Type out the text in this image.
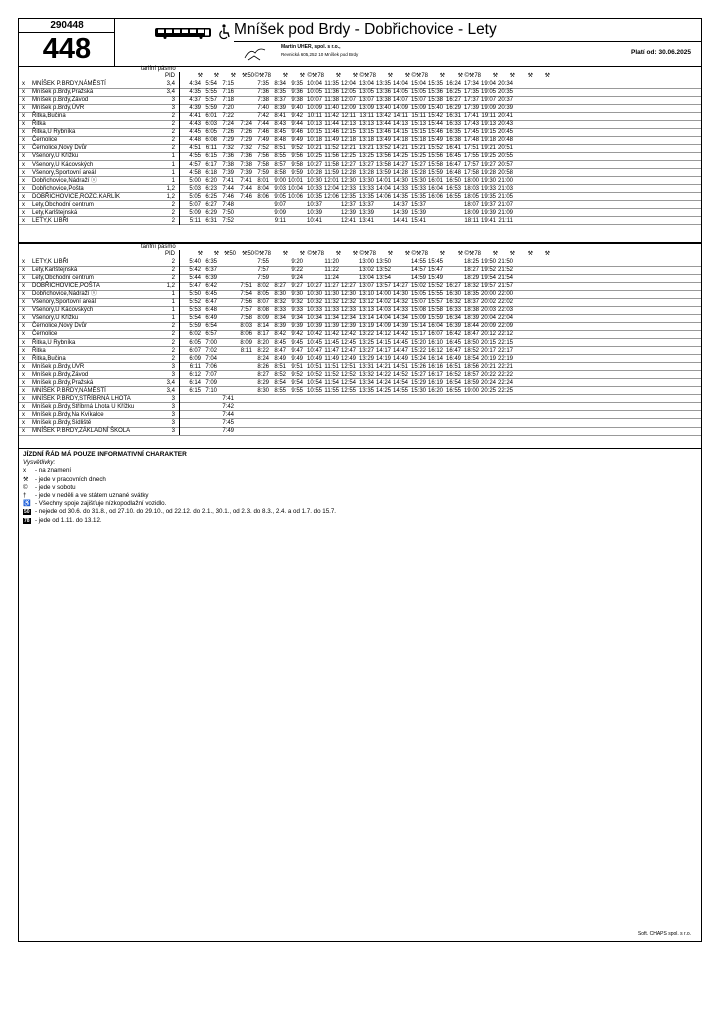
290448
448
Mníšek pod Brdy - Dobřichovice - Lety
Martin UHER, spol. s r.o.,
Revnická 605,252 10 Mníšek pod Brdy	Platí od: 30.06.2025
tarifní pásmo
PID	⚒	⚒	⚒ ⚒50 ©⚒78	⚒	⚒ ©⚒78	⚒	⚒ ©⚒78	⚒	⚒ ©⚒78	⚒	⚒ ©⚒78	⚒	⚒	⚒	⚒
x MNÍŠEK P.BRDY,NÁMĚSTÍ	3,4	4:34 5:54 7:15	7:35 8:34 9:35 10:04 11:35 12:04 13:04 13:35 14:04 15:04 15:35 16:24 17:34 19:04 20:34
x Mníšek p.Brdy,Pražská	3,4	4:35 5:55 7:16	7:36 8:35 9:36 10:05 11:36 12:05 13:05 13:36 14:05 15:05 15:36 16:25 17:35 19:05 20:35
x Mníšek p.Brdy,Závod	3	4:37 5:57 7:18	7:38 8:37 9:38 10:07 11:38 12:07 13:07 13:38 14:07 15:07 15:38 16:27 17:37 19:07 20:37
x Mníšek p.Brdy,ÚVR	3	4:39 5:59 7:20	7:40 8:39 9:40 10:09 11:40 12:09 13:09 13:40 14:09 15:09 15:40 16:29 17:39 19:09 20:39
x Řitka,Bučina	2	4:41 6:01 7:22	7:42 8:41 9:42 10:11 11:42 12:11 13:11 13:42 14:11 15:11 15:42 16:31 17:41 19:11 20:41
x Řitka	2	4:43 6:03 7:24	7:24 7:44 8:43 9:44 10:13 11:44 12:13 13:13 13:44 14:13 15:13 15:44 16:33 17:43 19:13 20:43
x Řitka,U Rybníka	2	4:45 6:05 7:26	7:26 7:46 8:45 9:46 10:15 11:46 12:15 13:15 13:46 14:15 15:15 15:46 16:35 17:45 19:15 20:45
x Černolice	2	4:48 6:08 7:29	7:29 7:49 8:48 9:49 10:18 11:49 12:18 13:18 13:49 14:18 15:18 15:49 16:38 17:48 19:18 20:48
x Černolice,Nový Dvůr	2	4:51 6:11 7:32	7:32 7:52 8:51 9:52 10:21 11:52 12:21 13:21 13:52 14:21 15:21 15:52 16:41 17:51 19:21 20:51
x Všenory,U Křížku	1	4:55 6:15 7:36	7:36 7:56 8:55 9:56 10:25 11:56 12:25 13:25 13:56 14:25 15:25 15:56 16:45 17:55 19:25 20:55
x Všenory,U Kácovských	1	4:57 6:17 7:38	7:38 7:58 8:57 9:58 10:27 11:58 12:27 13:27 13:58 14:27 15:27 15:58 16:47 17:57 19:27 20:57
x Všenory,Sportovní areál	1	4:58 6:18 7:39	7:39 7:59 8:58 9:59 10:28 11:59 12:28 13:28 13:59 14:28 15:28 15:59 16:48 17:58 19:28 20:58
x Dobřichovice,Nádraží ⓢ	1	5:00 6:20 7:41	7:41 8:01 9:00 10:01 10:30 12:01 12:30 13:30 14:01 14:30 15:30 16:01 16:50 18:00 19:30 21:00
x Dobřichovice,Pošta	1,2	5:03 6:23 7:44	7:44 8:04 9:03 10:04 10:33 12:04 12:33 13:33 14:04 14:33 15:33 16:04 16:53 18:03 19:33 21:03
x DOBŘICHOVICE,ROZC.KARLÍK	1,2	5:05 6:25 7:46	7:46 8:06 9:05 10:06 10:35 12:06 12:35 13:35 14:06 14:35 15:35 16:06 16:55 18:05 19:35 21:05
x Lety,Obchodní centrum	2	5:07 6:27 7:48	9:07	10:37	12:37 13:37	14:37 15:37	18:07 19:37 21:07
x Lety,Karlštejnská	2	5:09 6:29 7:50	9:09	10:39	12:39 13:39	14:39 15:39	18:09 19:39 21:09
x LETY,K LIBŘI	2	5:11 6:31 7:52	9:11	10:41	12:41 13:41	14:41 15:41	18:11 19:41 21:11
tarifní pásmo
PID	⚒	⚒ ⚒50 ⚒50 ©⚒78	⚒	⚒ ©⚒78	⚒	⚒ ©⚒78	⚒	⚒ ©⚒78	⚒	⚒ ©⚒78	⚒	⚒	⚒	⚒
x LETY,K LIBŘI	2	5:40 6:35	7:55	9:20	11:20	13:00 13:50	14:55 15:45	18:25 19:50 21:50
x Lety,Karlštejnská	2	5:42 6:37	7:57	9:22	11:22	13:02 13:52	14:57 15:47	18:27 19:52 21:52
x Lety,Obchodní centrum	2	5:44 6:39	7:59	9:24	11:24	13:04 13:54	14:59 15:49	18:29 19:54 21:54
x DOBŘICHOVICE,POŠTA	1,2	5:47 6:42	7:51 8:02 8:27 9:27 10:27 11:27 12:27 13:07 13:57 14:27 15:02 15:52 16:27 18:32 19:57 21:57
x Dobřichovice,Nádraží ⓢ	1	5:50 6:45	7:54 8:05 8:30 9:30 10:30 11:30 12:30 13:10 14:00 14:30 15:05 15:55 16:30 18:35 20:00 22:00
x Všenory,Sportovní areál	1	5:52 6:47	7:56 8:07 8:32 9:32 10:32 11:32 12:32 13:12 14:02 14:32 15:07 15:57 16:32 18:37 20:02 22:02
x Všenory,U Kácovských	1	5:53 6:48	7:57 8:08 8:33 9:33 10:33 11:33 12:33 13:13 14:03 14:33 15:08 15:58 16:33 18:38 20:03 22:03
x Všenory,U Křížku	1	5:54 6:49	7:58 8:09 8:34 9:34 10:34 11:34 12:34 13:14 14:04 14:34 15:09 15:59 16:34 18:39 20:04 22:04
x Černolice,Nový Dvůr	2	5:59 6:54	8:03 8:14 8:39 9:39 10:39 11:39 12:39 13:19 14:09 14:39 15:14 16:04 16:39 18:44 20:09 22:09
x Černolice	2	6:02 6:57	8:06 8:17 8:42 9:42 10:42 11:42 12:42 13:22 14:12 14:42 15:17 16:07 16:42 18:47 20:12 22:12
x Řitka,U Rybníka	2	6:05 7:00	8:09 8:20 8:45 9:45 10:45 11:45 12:45 13:25 14:15 14:45 15:20 16:10 16:45 18:50 20:15 22:15
x Řitka	2	6:07 7:02	8:11 8:22 8:47 9:47 10:47 11:47 12:47 13:27 14:17 14:47 15:22 16:12 16:47 18:52 20:17 22:17
x Řitka,Bučina	2	6:09 7:04	8:24 8:49 9:49 10:49 11:49 12:49 13:29 14:19 14:49 15:24 16:14 16:49 18:54 20:19 22:19
x Mníšek p.Brdy,ÚVR	3	6:11 7:06	8:26 8:51 9:51 10:51 11:51 12:51 13:31 14:21 14:51 15:26 16:16 16:51 18:56 20:21 22:21
x Mníšek p.Brdy,Závod	3	6:12 7:07	8:27 8:52 9:52 10:52 11:52 12:52 13:32 14:22 14:52 15:27 16:17 16:52 18:57 20:22 22:22
x Mníšek p.Brdy,Pražská	3,4	6:14 7:09	8:29 8:54 9:54 10:54 11:54 12:54 13:34 14:24 14:54 15:29 16:19 16:54 18:59 20:24 22:24
x MNÍŠEK P.BRDY,NÁMĚSTÍ	3,4	6:15 7:10	8:30 8:55 9:55 10:55 11:55 12:55 13:35 14:25 14:55 15:30 16:20 16:55 19:00 20:25 22:25
x MNÍŠEK P.BRDY,STŘÍBRNÁ LHOTA	3	7:41
x Mníšek p.Brdy,Stříbrná Lhota U Křížku	3	7:42
x Mníšek p.Brdy,Na Kvíkalce	3	7:44
x Mníšek p.Brdy,Sídliště	3	7:45
x MNÍŠEK P.BRDY,ZÁKLADNÍ ŠKOLA	3	7:49
JÍZDNÍ ŘÁD MÁ POUZE INFORMATIVNÍ CHARAKTER
Vysvětlivky:
x - na znamení
⚒ - jede v pracovních dnech
© - jede v sobotu
† - jede v neděli a ve státem uznané svátky
♿ - Všechny spoje zajišťuje nízkopodlažní vozidlo.
50 - nejede od 30.6. do 31.8., od 27.10. do 29.10., od 22.12. do 2.1., 30.1., od 2.3. do 8.3., 2.4. a od 1.7. do 15.7.
78 - jede od 1.11. do 13.12.
Soft. CHAPS spol. s r.o.
